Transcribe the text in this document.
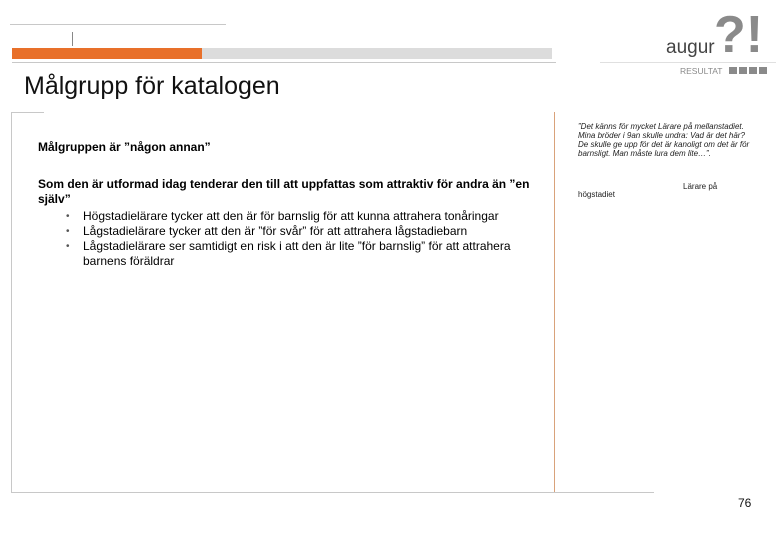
Målgrupp för katalogen
?!
augur
RESULTAT

Målgruppen är ”någon annan”

Som den är utformad idag tenderar den till att uppfattas som attraktiv för andra än ”en själv”

• Högstadielärare tycker att den är för barnslig för att kunna attrahera tonåringar
• Lågstadielärare tycker att den är ”för svår” för att attrahera lågstadiebarn
• Lågstadielärare ser samtidigt en risk i att den är lite ”för barnslig” för att attrahera barnens föräldrar
”Det känns för mycket Lärare på mellanstadiet. Mina bröder i 9an skulle undra: Vad är det här? De skulle ge upp för det är kanoligt om det är för barnsligt. Man måste lura dem lite…”.
Lärare på
högstadiet
76
